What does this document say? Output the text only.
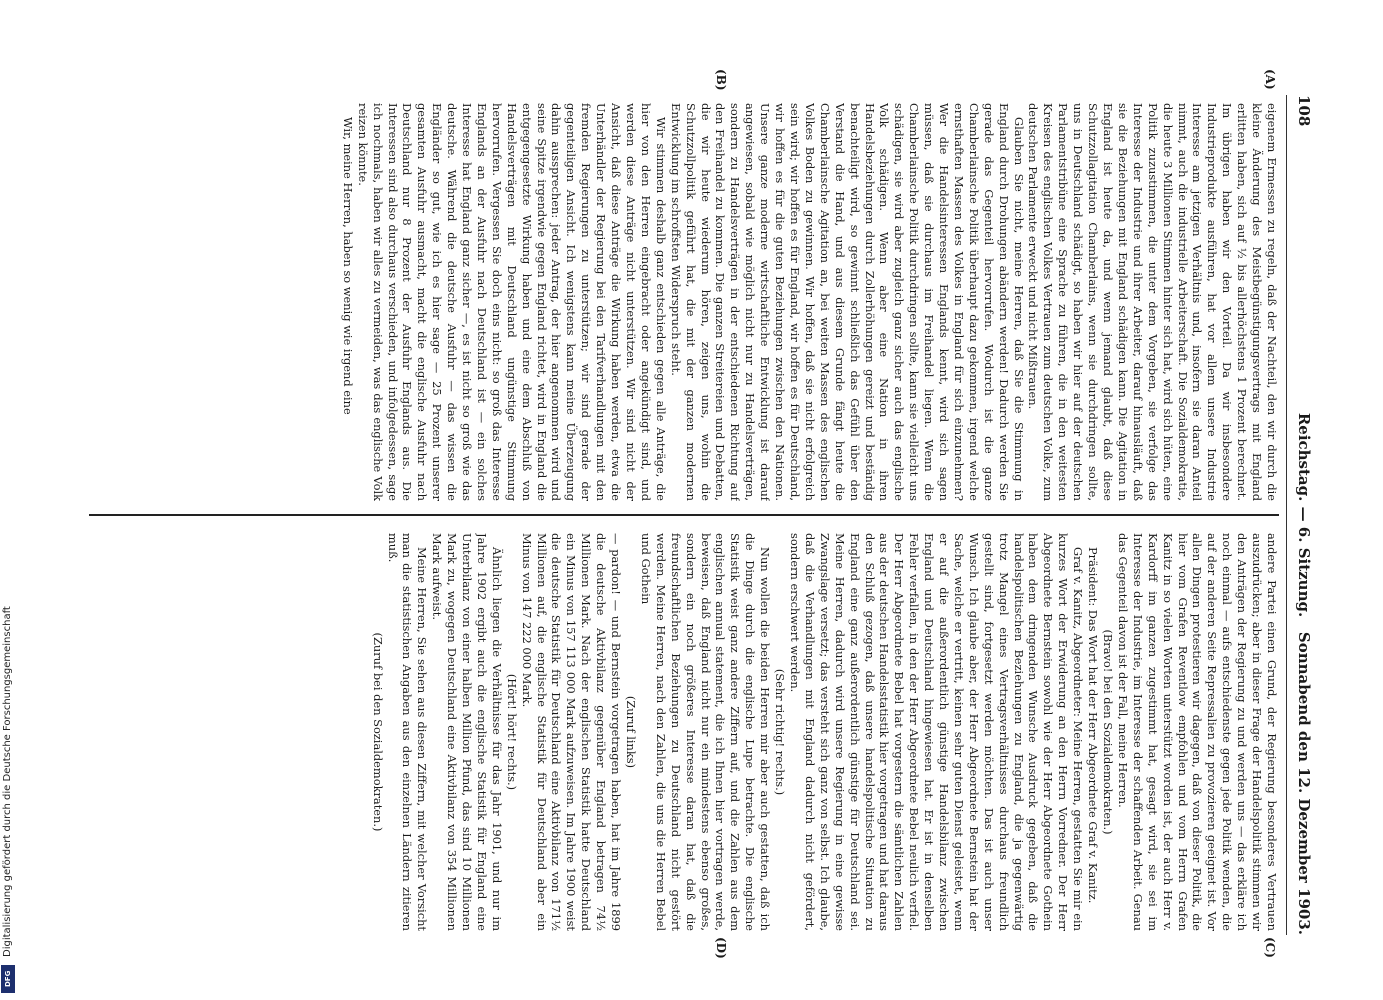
108
Reichstag. — 6. Sitzung.
Sonnabend den 12. Dezember 1903.

eigenem Ermessen zu regeln, daß der Nachteil, den wir durch die kleine Änderung des Meistbegünstigungsvertrags mit England erlitten haben, sich auf ½ bis allerhöchstens 1 Prozent berechnet. Im übrigen haben wir den Vorteil. Da wir insbesondere Industrieprodukte ausführen, hat vor allem unsere Industrie Interesse am jetzigen Verhältnis und, insofern sie daran Anteil nimmt, auch die industrielle Arbeiterschaft. Die Sozialdemokratie, die heute 3 Millionen Stimmen hinter sich hat, wird sich hüten, eine Politik zuzustimmen, die unter dem Vorgeben, sie verfolge das Interesse der Industrie und ihrer Arbeiter, darauf hinausläuft, daß sie die Beziehungen mit England schädigen kann. Die Agitation in England ist heute da, und wenn jemand glaubt, daß diese Schutzzollagitation Chamberlains, wenn sie durchdringen sollte, uns in Deutschland schädigt, so haben wir hier auf der deutschen Parlamentstribüne eine Sprache zu führen, die in den weitesten Kreisen des englischen Volkes Vertrauen zum deutschen Volke, zum deutschen Parlamente erweckt und nicht Mißtrauen.

Glauben Sie nicht, meine Herren, daß Sie die Stimmung in England durch Drohungen abändern werden! Dadurch werden Sie gerade das Gegenteil hervorrufen. Wodurch ist die ganze Chamberlainsche Politik überhaupt dazu gekommen, irgend welche ernsthaften Massen des Volkes in England für sich einzunehmen? Wer die Handelsinteressen Englands kennt, wird sich sagen müssen, daß sie durchaus im Freihandel liegen. Wenn die Chamberlainsche Politik durchdringen sollte, kann sie vielleicht uns schädigen, sie wird aber zugleich ganz sicher auch das englische Volk schädigen. Wenn aber eine Nation in ihren Handelsbeziehungen durch Zollerhöhungen gereizt und beständig benachteiligt wird, so gewinnt schließlich das Gefühl über den Verstand die Hand, und aus diesem Grunde fängt heute die Chamberlainsche Agitation an, bei weiten Massen des englischen Volkes Boden zu gewinnen. Wir hoffen, daß sie nicht erfolgreich sein wird; wir hoffen es für England, wir hoffen es für Deutschland, wir hoffen es für die guten Beziehungen zwischen den Nationen. Unsere ganze moderne wirtschaftliche Entwicklung ist darauf angewiesen, sobald wie möglich nicht nur zu Handelsverträgen, sondern zu Handelsverträgen in der entschiedenen Richtung auf den Freihandel zu kommen. Die ganzen Streitereien und Debatten, die wir heute wiederum hören, zeigen uns, wohin die Schutzzollpolitik geführt hat, die mit der ganzen modernen Entwicklung im schroffsten Widerspruch steht.

Wir stimmen deshalb ganz entschieden gegen alle Anträge, die hier von den Herren eingebracht oder angekündigt sind, und werden diese Anträge nicht unterstützen. Wir sind nicht der Ansicht, daß diese Anträge die Wirkung haben werden, etwa die Unterhändler der Regierung bei den Tarifverhandlungen mit den fremden Regierungen zu unterstützen; wir sind gerade der gegenteiligen Ansicht. Ich wenigstens kann meine Überzeugung dahin aussprechen: jeder Antrag, der hier angenommen wird und seine Spitze irgendwie gegen England richtet, wird in England die entgegengesetzte Wirkung haben und eine dem Abschluß von Handelsverträgen mit Deutschland ungünstige Stimmung hervorrufen. Vergessen Sie doch eins nicht: so groß das Interesse Englands an der Ausfuhr nach Deutschland ist — ein solches Interesse hat England ganz sicher —, es ist nicht so groß wie das deutsche. Während die deutsche Ausfuhr — das wissen die Engländer so gut, wie ich es hier sage — 25 Prozent unserer gesamten Ausfuhr ausmacht, macht die englische Ausfuhr nach Deutschland nur 8 Prozent der Ausfuhr Englands aus. Die Interessen sind also durchaus verschieden, und infolgedessen, sage ich nochmals, haben wir alles zu vermeiden, was das englische Volk reizen könnte.

Wir, meine Herren, haben so wenig wie irgend eine

andere Partei einen Grund, der Regierung besonderes Vertrauen auszudrücken; aber in dieser Frage der Handelspolitik stimmen wir den Anträgen der Regierung zu und werden uns — das erkläre ich noch einmal — aufs entschiedenste gegen jede Politik wenden, die auf der anderen Seite Repressalien zu provozieren geeignet ist. Vor allen Dingen protestieren wir dagegen, daß von dieser Politik, die hier vom Grafen Reventlow empfohlen und vom Herrn Grafen Kanitz in so vielen Worten unterstützt worden ist, der auch Herr v. Kardorff im ganzen zugestimmt hat, gesagt wird, sie sei im Interesse der Industrie, im Interesse der schaffenden Arbeit. Genau das Gegenteil davon ist der Fall, meine Herren.

(Bravo! bei den Sozialdemokraten.)

Präsident: Das Wort hat der Herr Abgeordnete Graf v. Kanitz.

Graf v. Kanitz, Abgeordneter: Meine Herren, gestatten Sie mir ein kurzes Wort der Erwiderung an den Herrn Vorredner. Der Herr Abgeordnete Bernstein sowohl wie der Herr Abgeordnete Gothein haben dem dringenden Wunsche Ausdruck gegeben, daß die handelspolitischen Beziehungen zu England, die ja gegenwärtig trotz Mangel eines Vertragsverhältnisses durchaus freundlich gestellt sind, fortgesetzt werden möchten. Das ist auch unser Wunsch. Ich glaube aber, der Herr Abgeordnete Bernstein hat der Sache, welche er vertritt, keinen sehr guten Dienst geleistet, wenn er auf die außerordentlich günstige Handelsbilanz zwischen England und Deutschland hingewiesen hat. Er ist in denselben Fehler verfallen, in den der Herr Abgeordnete Bebel neulich verfiel. Der Herr Abgeordnete Bebel hat vorgestern die sämtlichen Zahlen aus der deutschen Handelsstatistik hier vorgetragen und hat daraus den Schluß gezogen, daß unsere handelspolitische Situation zu England eine ganz außerordentlich günstige für Deutschland sei. Meine Herren, dadurch wird unsere Regierung in eine gewisse Zwangslage versetzt; das versteht sich ganz von selbst. Ich glaube, daß die Verhandlungen mit England dadurch nicht gefördert, sondern erschwert werden.

(Sehr richtig! rechts.)

Nun wollen die beiden Herren mir aber auch gestatten, daß ich die Dinge durch die englische Lupe betrachte. Die englische Statistik weist ganz andere Ziffern auf, und die Zahlen aus dem englischen annual statement, die ich Ihnen hier vortragen werde, beweisen, daß England nicht nur ein mindestens ebenso großes, sondern ein noch größeres Interesse daran hat, daß die freundschaftlichen Beziehungen zu Deutschland nicht gestört werden. Meine Herren, nach den Zahlen, die uns die Herren Bebel und Gothein

(Zuruf links)

— pardon! — und Bernstein vorgetragen haben, hat im Jahre 1899 die deutsche Aktivbilanz gegenüber England betragen 74½ Millionen Mark. Nach der englischen Statistik hatte Deutschland ein Minus von 157 113 000 Mark aufzuweisen. Im Jahre 1900 weist die deutsche Statistik für Deutschland eine Aktivbilanz von 171½ Millionen auf, die englische Statistik für Deutschland aber ein Minus von 147 222 000 Mark.

(Hört! hört! rechts.)

Ähnlich liegen die Verhältnisse für das Jahr 1901, und nur im Jahre 1902 ergibt auch die englische Statistik für England eine Unterbilanz von einer halben Million Pfund, das sind 10 Millionen Mark zu, wogegen Deutschland eine Aktivbilanz von 354 Millionen Mark aufweist.

Meine Herren, Sie sehen aus diesen Ziffern, mit welcher Vorsicht man die statistischen Angaben aus den einzelnen Ländern zitieren muß.

(Zuruf bei den Sozialdemokraten.)

(A)
(B)
(C)
(D)
Digitalisierung gefördert durch die Deutsche Forschungsgemeinschaft
DFG
